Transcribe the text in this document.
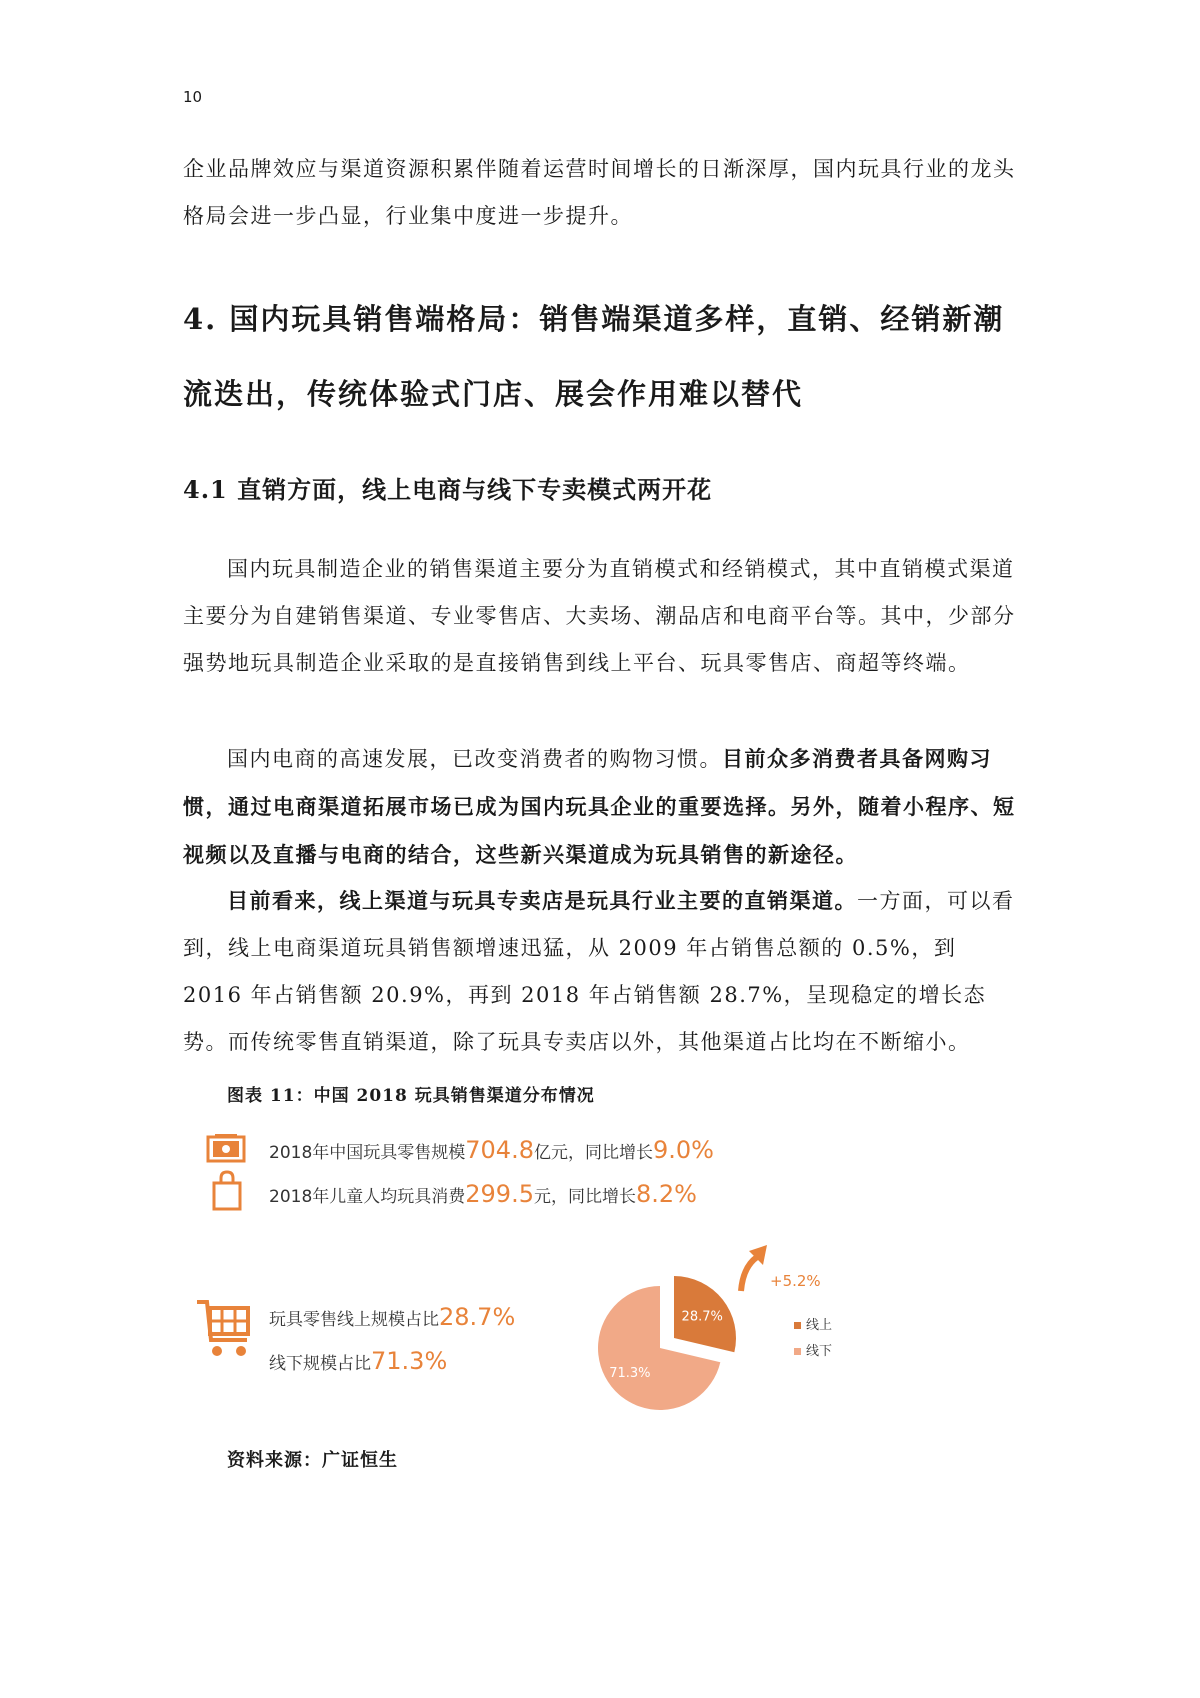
10
企业品牌效应与渠道资源积累伴随着运营时间增长的日渐深厚，国内玩具行业的龙头格局会进一步凸显，行业集中度进一步提升。
4. 国内玩具销售端格局：销售端渠道多样，直销、经销新潮流迭出，传统体验式门店、展会作用难以替代
4.1 直销方面，线上电商与线下专卖模式两开花
国内玩具制造企业的销售渠道主要分为直销模式和经销模式，其中直销模式渠道主要分为自建销售渠道、专业零售店、大卖场、潮品店和电商平台等。其中，少部分强势地玩具制造企业采取的是直接销售到线上平台、玩具零售店、商超等终端。
国内电商的高速发展，已改变消费者的购物习惯。目前众多消费者具备网购习惯，通过电商渠道拓展市场已成为国内玩具企业的重要选择。另外，随着小程序、短视频以及直播与电商的结合，这些新兴渠道成为玩具销售的新途径。
目前看来，线上渠道与玩具专卖店是玩具行业主要的直销渠道。一方面，可以看到，线上电商渠道玩具销售额增速迅猛，从 2009 年占销售总额的 0.5%，到 2016 年占销售额 20.9%，再到 2018 年占销售额 28.7%，呈现稳定的增长态势。而传统零售直销渠道，除了玩具专卖店以外，其他渠道占比均在不断缩小。
图表 11：中国 2018 玩具销售渠道分布情况
2018年中国玩具零售规模704.8亿元，同比增长9.0%
2018年儿童人均玩具消费299.5元，同比增长8.2%
玩具零售线上规模占比28.7%
线下规模占比71.3%
28.7%
71.3%
+5.2%
线上
线下
资料来源：广证恒生
